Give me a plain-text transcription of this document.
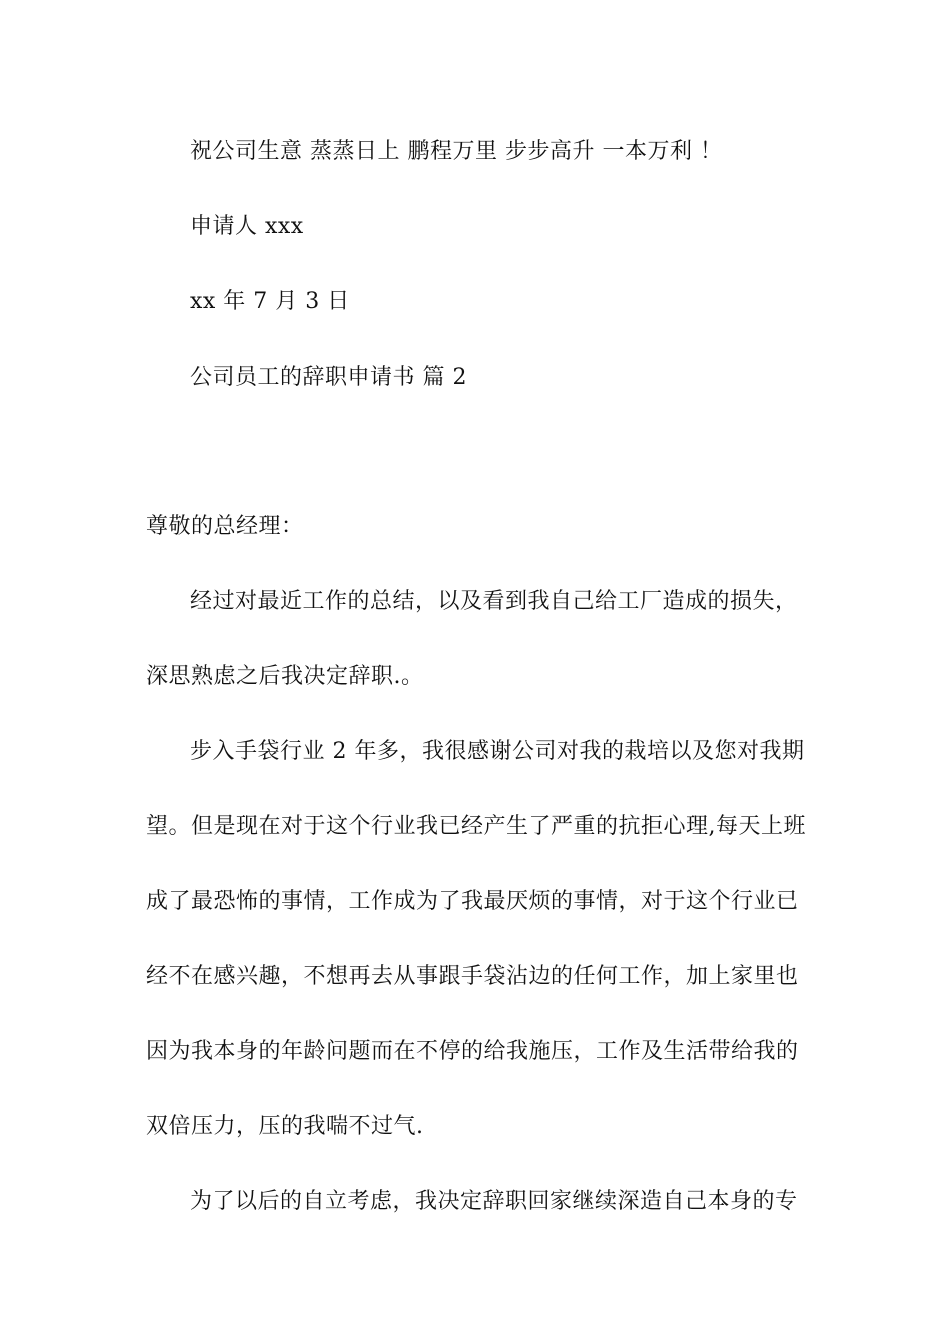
祝公司生意 蒸蒸日上 鹏程万里 步步高升 一本万利 ！
申请人 xxx
xx 年 7 月 3 日
公司员工的辞职申请书 篇 2
尊敬的总经理：
经过对最近工作的总结，以及看到我自己给工厂造成的损失，
深思熟虑之后我决定辞职.。
步入手袋行业 2 年多，我很感谢公司对我的栽培以及您对我期
望。但是现在对于这个行业我已经产生了严重的抗拒心理,每天上班
成了最恐怖的事情，工作成为了我最厌烦的事情，对于这个行业已
经不在感兴趣，不想再去从事跟手袋沾边的任何工作，加上家里也
因为我本身的年龄问题而在不停的给我施压，工作及生活带给我的
双倍压力，压的我喘不过气.
为了以后的自立考虑，我决定辞职回家继续深造自己本身的专
